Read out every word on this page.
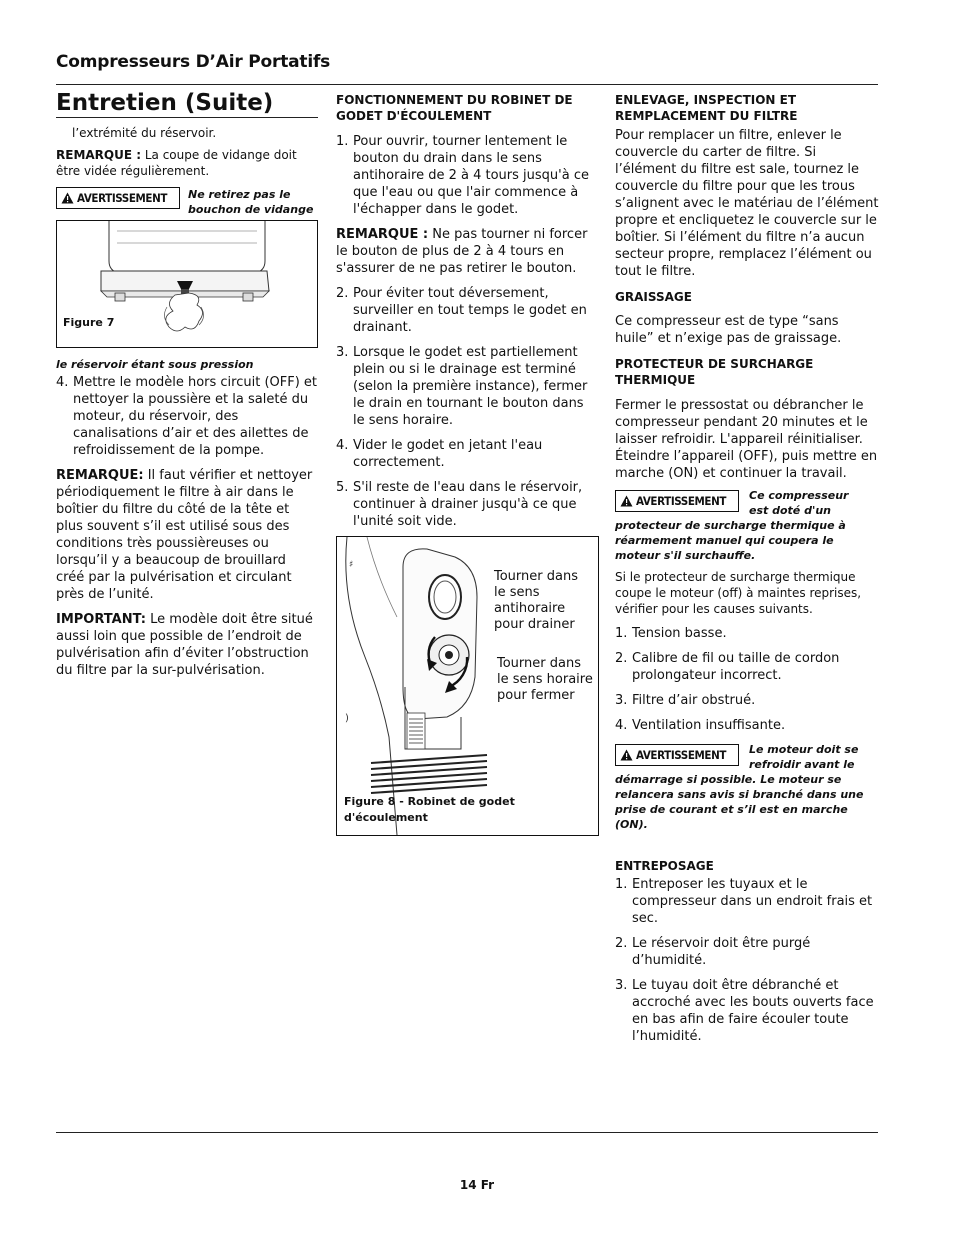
Compresseurs D’Air Portatifs
Entretien (Suite)

l’extrémité du réservoir.

REMARQUE : La coupe de vidange doit être vidée régulièrement.

AVERTISSEMENT Ne retirez pas le bouchon de vidange
Figure 7
le réservoir étant sous pression
4. Mettre le modèle hors circuit (OFF) et nettoyer la poussière et la saleté du moteur, du réservoir, des canalisations d’air et des ailettes de refroidissement de la pompe.

REMARQUE: Il faut vérifier et nettoyer périodiquement le filtre à air dans le boîtier du filtre du côté de la tête et plus souvent s’il est utilisé sous des conditions très poussièreuses ou lorsqu’il y a beaucoup de brouillard créé par la pulvérisation et circulant près de l’unité.

IMPORTANT: Le modèle doit être situé aussi loin que possible de l’endroit de pulvérisation afin d’éviter l’obstruction du filtre par la sur-pulvérisation.

FONCTIONNEMENT DU ROBINET DE GODET D'ÉCOULEMENT
1. Pour ouvrir, tourner lentement le bouton du drain dans le sens antihoraire de 2 à 4 tours jusqu'à ce que l'eau ou que l'air commence à l'échapper dans le godet.

REMARQUE : Ne pas tourner ni forcer le bouton de plus de 2 à 4 tours en s'assurer de ne pas retirer le bouton.

2. Pour éviter tout déversement, surveiller en tout temps le godet en drainant.
3. Lorsque le godet est partiellement plein ou si le drainage est terminé (selon la première instance), fermer le drain en tournant le bouton dans le sens horaire.
4. Vider le godet en jetant l'eau correctement.
5. S'il reste de l'eau dans le réservoir, continuer à drainer jusqu'à ce que l'unité soit vide.
♯
)
Tourner dans le sens antihoraire pour drainer
Tourner dans le sens horaire pour fermer
Figure 8 - Robinet de godet d'écoulement
ENLEVAGE, INSPECTION ET REMPLACEMENT DU FILTRE

Pour remplacer un filtre, enlever le couvercle du carter de filtre. Si l’élément du filtre est sale, tournez le couvercle du filtre pour que les trous s’alignent avec le matériau de l’élément propre et encliquetez le couvercle sur le boîtier. Si l’élément du filtre n’a aucun secteur propre, remplacez l’élément ou tout le filtre.

GRAISSAGE

Ce compresseur est de type “sans huile” et n’exige pas de graissage.

PROTECTEUR DE SURCHARGE THERMIQUE

Fermer le pressostat ou débrancher le compresseur pendant 20 minutes et le laisser refroidir. L'appareil réinitialiser. Éteindre l’appareil (OFF), puis mettre en marche (ON) et continuer la travail.

AVERTISSEMENT Ce compresseur est doté d'un
protecteur de surcharge thermique à réarmement manuel qui coupera le moteur s'il surchauffe.

Si le protecteur de surcharge thermique coupe le moteur (off) à maintes reprises, vérifier pour les causes suivants.

1. Tension basse.
2. Calibre de fil ou taille de cordon prolongateur incorrect.
3. Filtre d’air obstrué.
4. Ventilation insuffisante.
AVERTISSEMENT Le moteur doit se refroidir avant le
démarrage si possible. Le moteur se relancera sans avis si branché dans une prise de courant et s’il est en marche (ON).
ENTREPOSAGE
1. Entreposer les tuyaux et le compresseur dans un endroit frais et sec.
2. Le réservoir doit être purgé d’humidité.
3. Le tuyau doit être débranché et accroché avec les bouts ouverts face en bas afin de faire écouler toute l’humidité.
14 Fr
